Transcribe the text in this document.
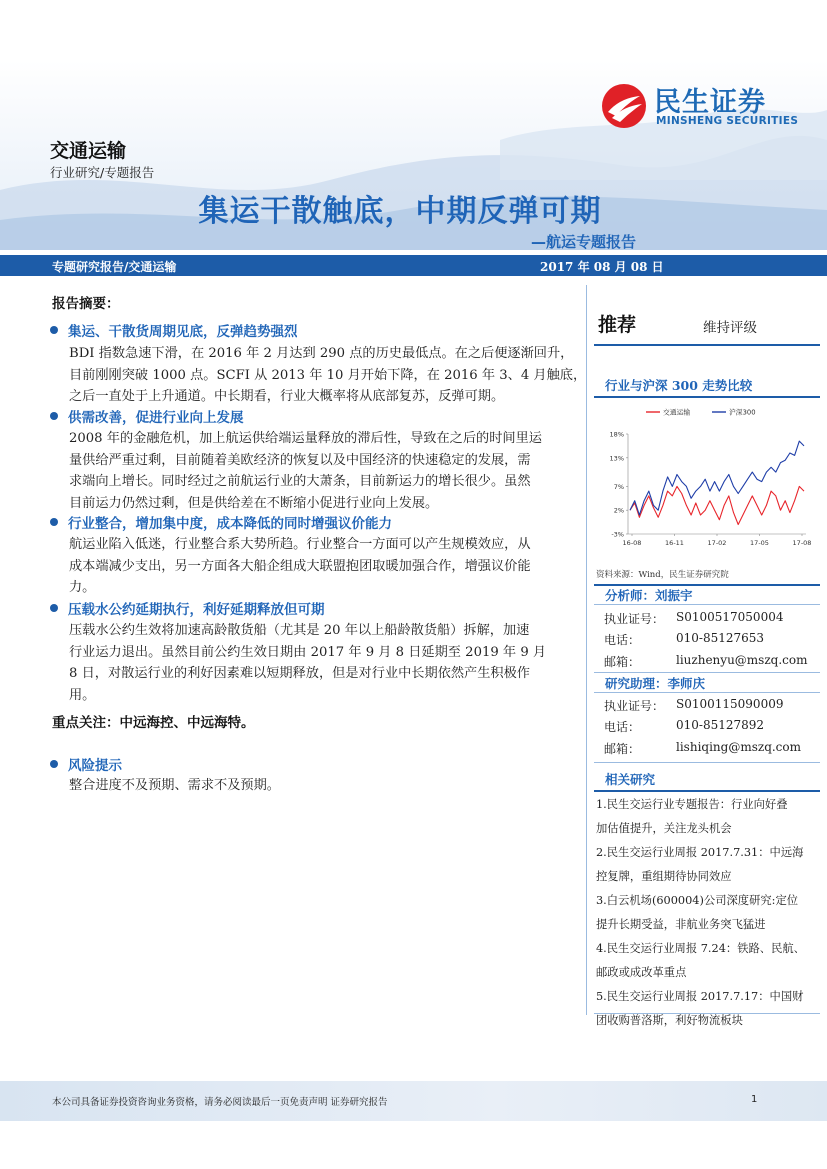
交通运输
行业研究/专题报告
集运干散触底，中期反弹可期
—航运专题报告
民生证券
MINSHENG SECURITIES
专题研究报告/交通运输	2017 年 08 月 08 日
报告摘要：
集运、干散货周期见底，反弹趋势强烈
BDI 指数急速下滑，在 2016 年 2 月达到 290 点的历史最低点。在之后便逐渐回升，
目前刚刚突破 1000 点。SCFI 从 2013 年 10 月开始下降，在 2016 年 3、4 月触底，
之后一直处于上升通道。中长期看，行业大概率将从底部复苏，反弹可期。
供需改善，促进行业向上发展
2008 年的金融危机，加上航运供给端运量释放的滞后性，导致在之后的时间里运
量供给严重过剩，目前随着美欧经济的恢复以及中国经济的快速稳定的发展，需
求端向上增长。同时经过之前航运行业的大萧条，目前新运力的增长很少。虽然
目前运力仍然过剩，但是供给差在不断缩小促进行业向上发展。
行业整合，增加集中度，成本降低的同时增强议价能力
航运业陷入低迷，行业整合系大势所趋。行业整合一方面可以产生规模效应，从
成本端减少支出，另一方面各大船企组成大联盟抱团取暖加强合作，增强议价能
力。
压载水公约延期执行，利好延期释放但可期
压载水公约生效将加速高龄散货船（尤其是 20 年以上船龄散货船）拆解，加速
行业运力退出。虽然目前公约生效日期由 2017 年 9 月 8 日延期至 2019 年 9 月
8 日，对散运行业的利好因素难以短期释放，但是对行业中长期依然产生积极作
用。
重点关注：中远海控、中远海特。
风险提示
整合进度不及预期、需求不及预期。
推荐	维持评级
行业与沪深 300 走势比较
18%
13%
7%
2%
-3%
16-08	16-11	17-02	17-05	17-08
交通运输	沪深300
资料来源：Wind，民生证券研究院
分析师：刘振宇
执业证号： S0100517050004
电话：	010-85127653
邮箱：	liuzhenyu@mszq.com
研究助理：李师庆
执业证号： S0100115090009
电话：	010-85127892
邮箱：	lishiqing@mszq.com
相关研究
1.民生交运行业专题报告：行业向好叠
加估值提升，关注龙头机会
2.民生交运行业周报 2017.7.31：中远海
控复牌，重组期待协同效应
3.白云机场(600004)公司深度研究:定位
提升长期受益，非航业务突飞猛进
4.民生交运行业周报 7.24：铁路、民航、
邮政或成改革重点
5.民生交运行业周报 2017.7.17：中国财
团收购普洛斯，利好物流板块
本公司具备证券投资咨询业务资格，请务必阅读最后一页免责声明 证券研究报告	1
